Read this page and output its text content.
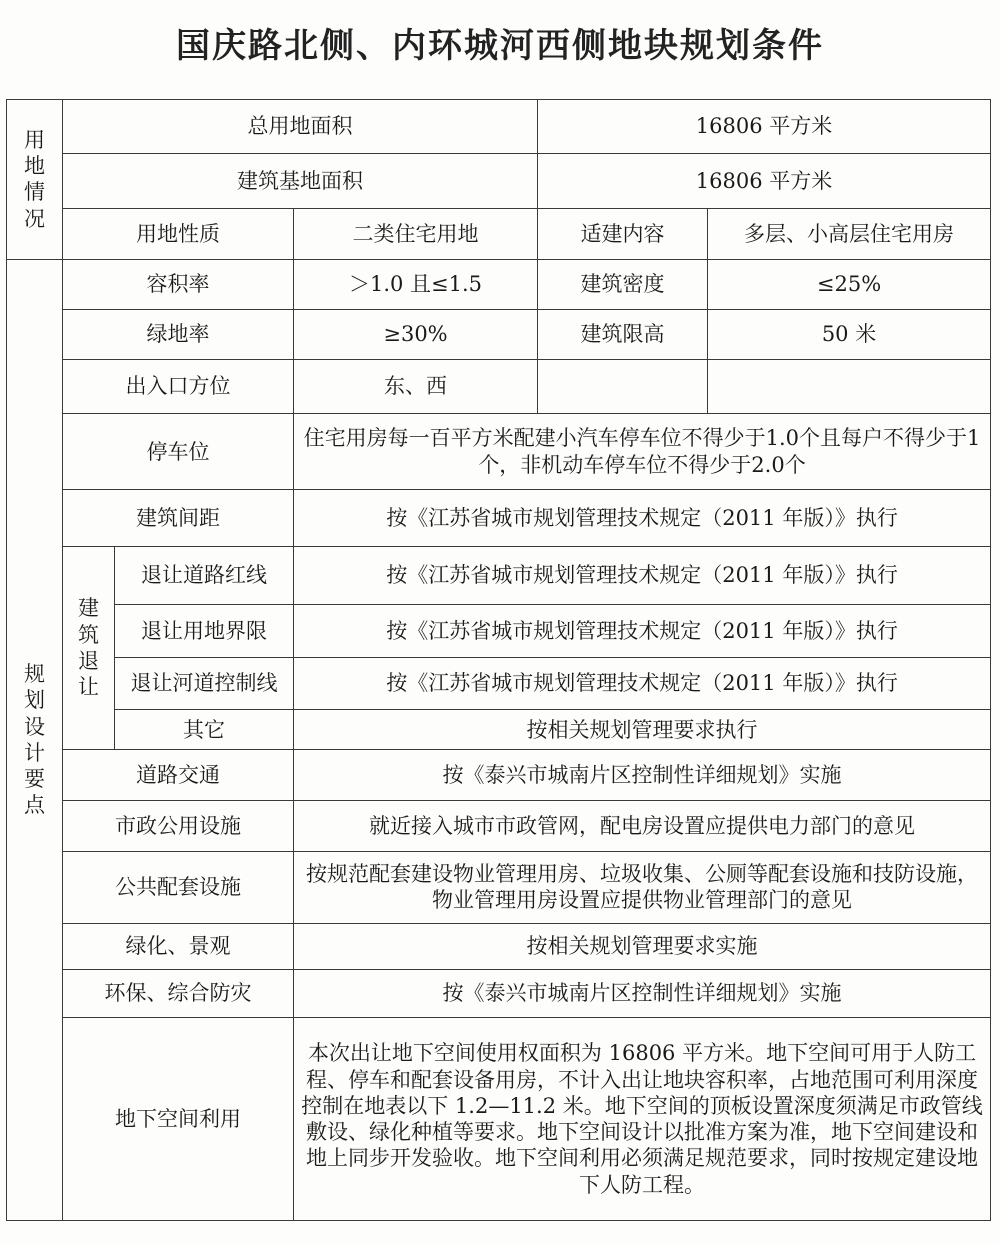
国庆路北侧、内环城河西侧地块规划条件
用地情况	总用地面积			16806 平方米	
	建筑基地面积			16806 平方米	
	用地性质		二类住宅用地	适建内容	多层、小高层住宅用房
规划设计要点	容积率		＞1.0 且≤1.5	建筑密度	≤25%
	绿地率		≥30%	建筑限高	50 米
	出入口方位		东、西		
	停车位		住宅用房每一百平方米配建小汽车停车位不得少于1.0个且每户不得少于1个，非机动车停车位不得少于2.0个		
	建筑间距		按《江苏省城市规划管理技术规定（2011 年版）》执行		
	建筑退让	退让道路红线	按《江苏省城市规划管理技术规定（2011 年版）》执行		
		退让用地界限	按《江苏省城市规划管理技术规定（2011 年版）》执行		
		退让河道控制线	按《江苏省城市规划管理技术规定（2011 年版）》执行		
		其它	按相关规划管理要求执行		
	道路交通		按《泰兴市城南片区控制性详细规划》实施		
	市政公用设施		就近接入城市市政管网，配电房设置应提供电力部门的意见		
	公共配套设施		按规范配套建设物业管理用房、垃圾收集、公厕等配套设施和技防设施，物业管理用房设置应提供物业管理部门的意见		
	绿化、景观		按相关规划管理要求实施		
	环保、综合防灾		按《泰兴市城南片区控制性详细规划》实施		
	地下空间利用		本次出让地下空间使用权面积为 16806 平方米。地下空间可用于人防工程、停车和配套设备用房，不计入出让地块容积率，占地范围可利用深度控制在地表以下 1.2—11.2 米。地下空间的顶板设置深度须满足市政管线敷设、绿化种植等要求。地下空间设计以批准方案为准，地下空间建设和地上同步开发验收。地下空间利用必须满足规范要求，同时按规定建设地下人防工程。		
